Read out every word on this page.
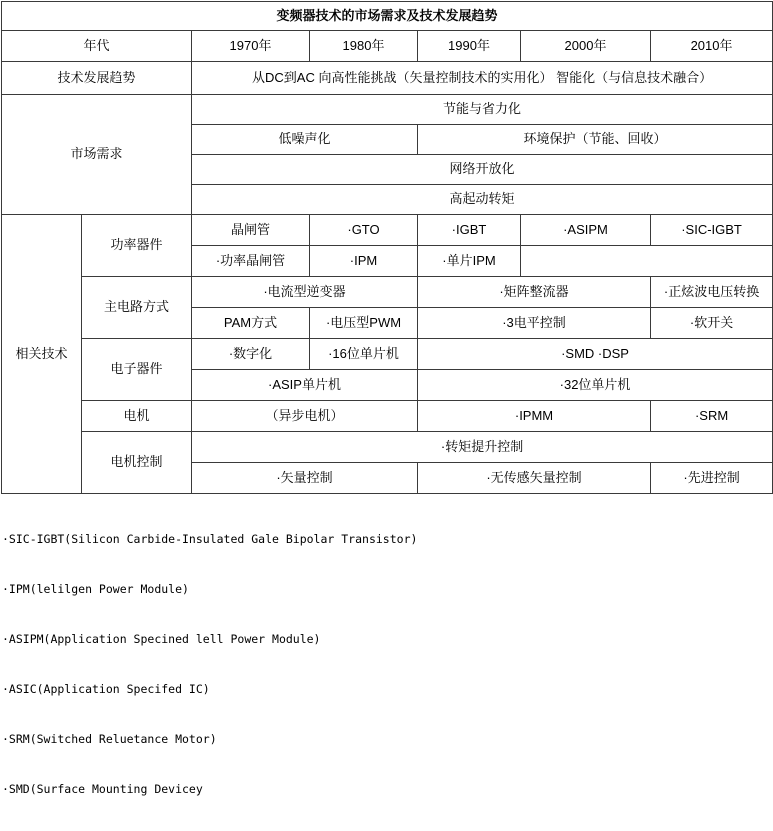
变频器技术的市场需求及技术发展趋势						
年代		1970年	1980年	1990年	2000年	2010年
技术发展趋势		从DC到AC 向高性能挑战（矢量控制技术的实用化） 智能化（与信息技术融合）				
市场需求		节能与省力化				
		低噪声化		环境保护（节能、回收）		
		网络开放化				
		高起动转矩				
相关技术	功率器件	晶闸管	·GTO	·IGBT	·ASIPM	·SIC-IGBT
		·功率晶闸管	·IPM	·单片IPM		
	主电路方式	·电流型逆变器		·矩阵整流器		·正炫波电压转换
		PAM方式	·电压型PWM	·3电平控制		·软开关
	电子器件	·数字化	·16位单片机	·SMD ·DSP		
		·ASIP单片机		·32位单片机		
	电机	（异步电机）		·IPMM		·SRM
	电机控制	·转矩提升控制				
		·矢量控制		·无传感矢量控制		·先进控制

·SIC-IGBT(Silicon Carbide-Insulated Gale Bipolar Transistor)

·IPM(lelilgen Power Module)

·ASIPM(Application Specined lell Power Module)

·ASIC(Application Specifed IC)

·SRM(Switched Reluetance Motor)

·SMD(Surface Mounting Devicey
